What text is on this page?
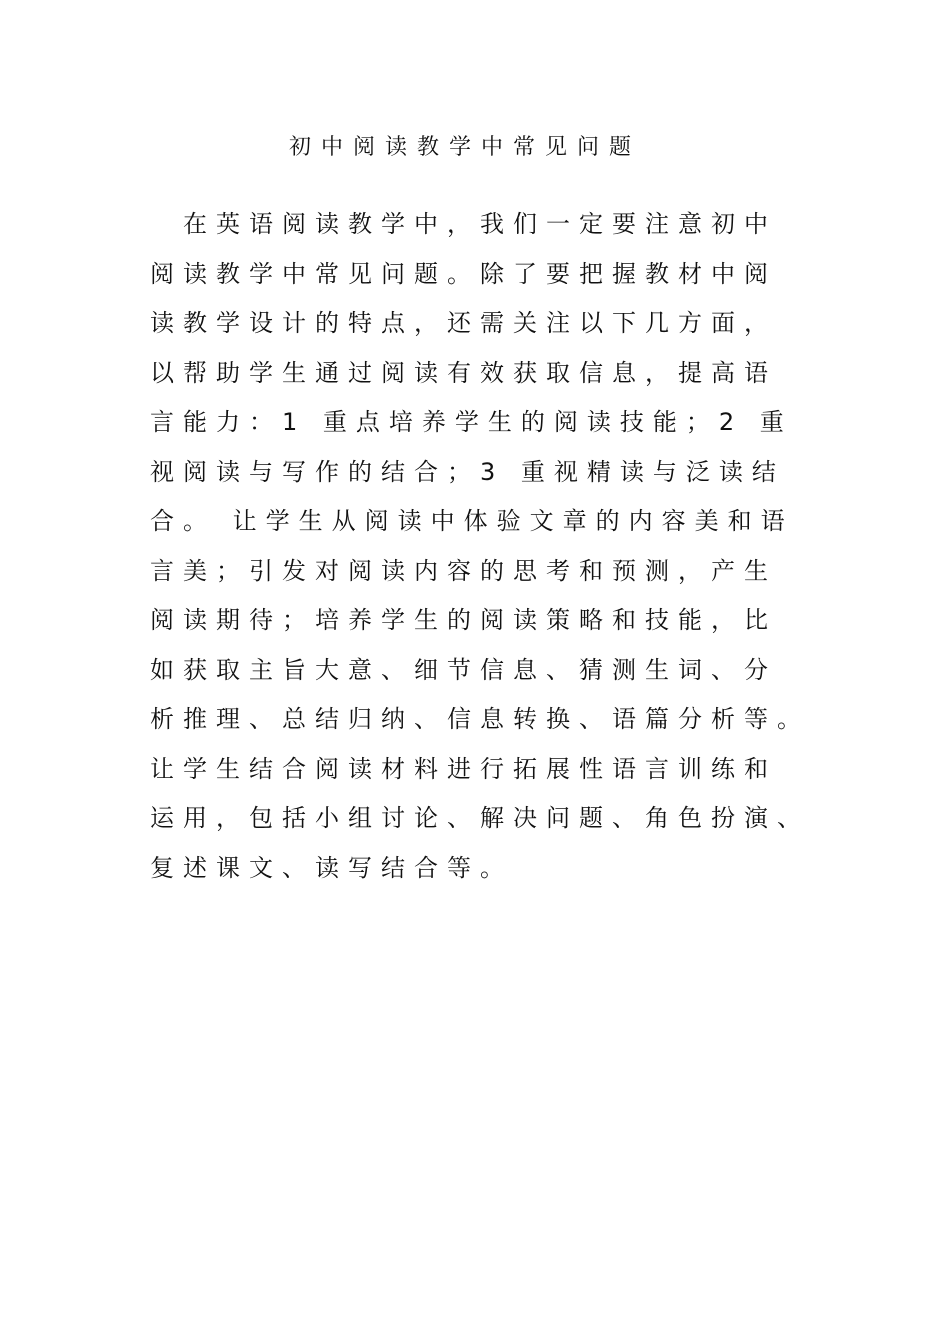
初中阅读教学中常见问题
　在英语阅读教学中，我们一定要注意初中
阅读教学中常见问题。除了要把握教材中阅
读教学设计的特点，还需关注以下几方面，
以帮助学生通过阅读有效获取信息，提高语
言能力：1 重点培养学生的阅读技能；2 重
视阅读与写作的结合；3 重视精读与泛读结
合。 让学生从阅读中体验文章的内容美和语
言美；引发对阅读内容的思考和预测，产生
阅读期待；培养学生的阅读策略和技能，比
如获取主旨大意、细节信息、猜测生词、分
析推理、总结归纳、信息转换、语篇分析等。
让学生结合阅读材料进行拓展性语言训练和
运用，包括小组讨论、解决问题、角色扮演、
复述课文、读写结合等。
